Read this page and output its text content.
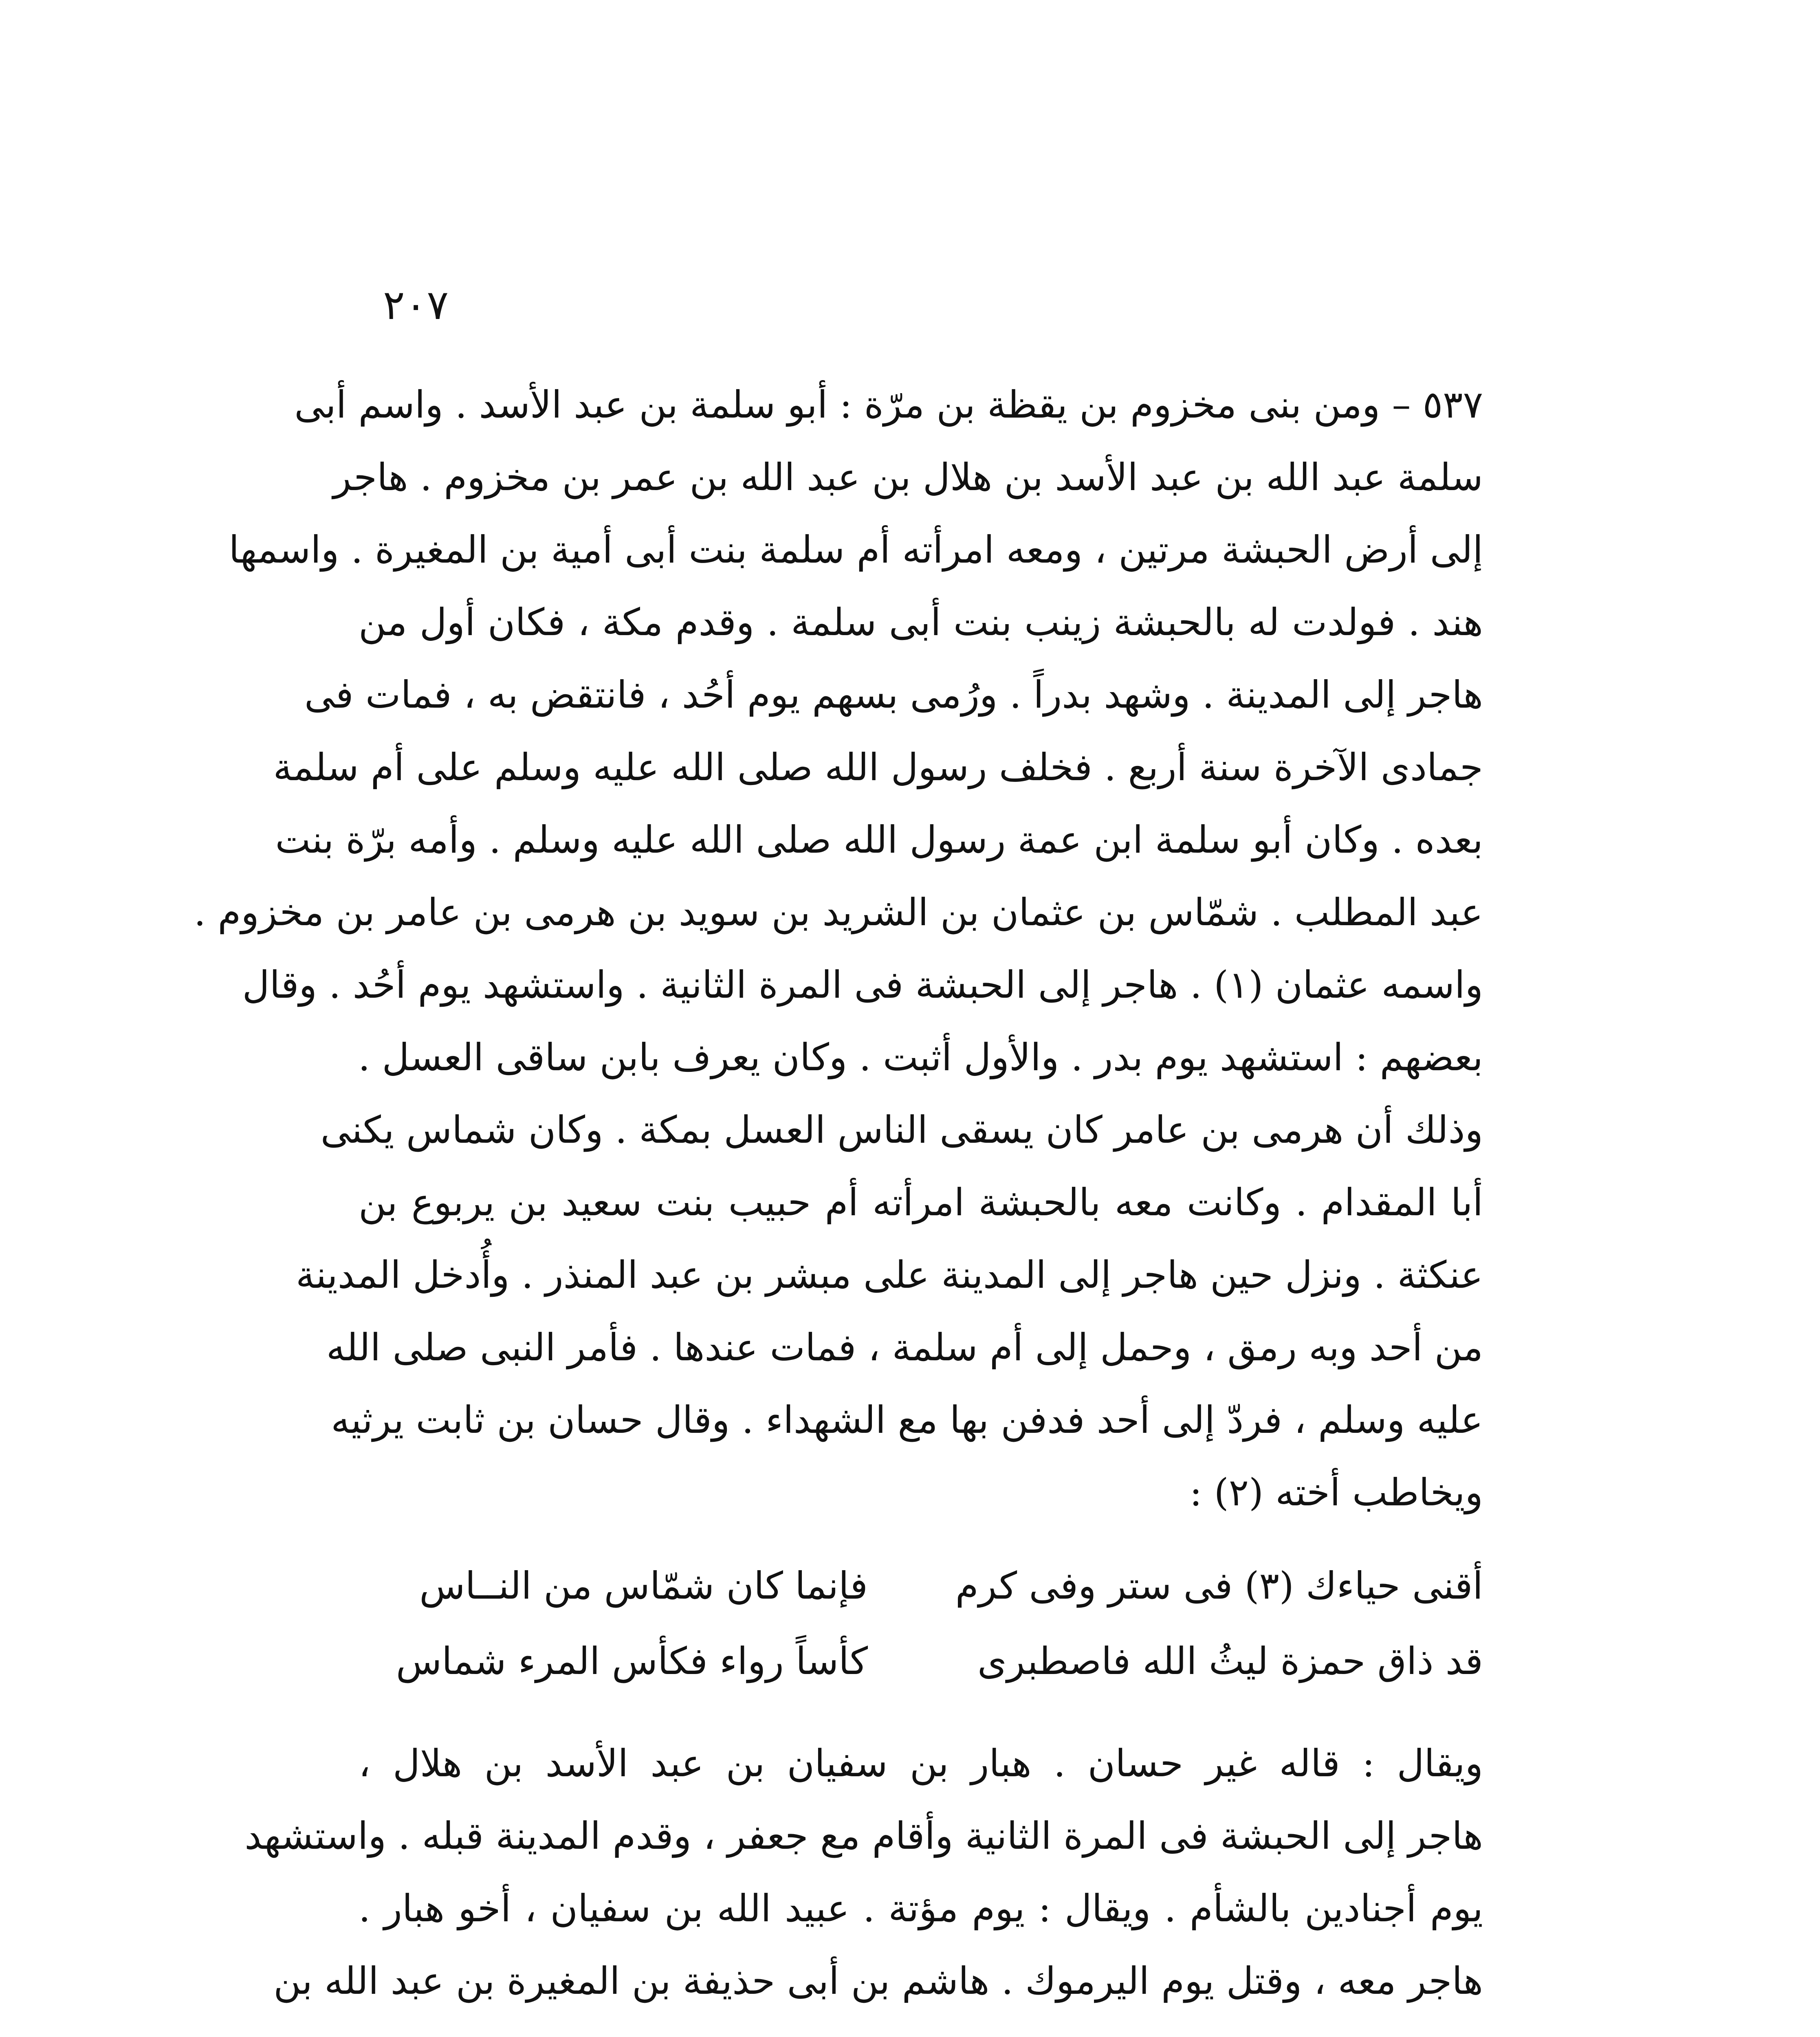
٢٠٧
٥٣٧ – ومن بنى مخزوم بن يقظة بن مرّة : أبو سلمة بن عبد الأسد . واسم أبى
سلمة عبد الله بن عبد الأسد بن هلال بن عبد الله بن عمر بن مخزوم . هاجر
إلى أرض الحبشة مرتين ، ومعه امرأته أم سلمة بنت أبى أمية بن المغيرة . واسمها
هند . فولدت له بالحبشة زينب بنت أبى سلمة . وقدم مكة ، فكان أول من
هاجر إلى المدينة . وشهد بدراً . ورُمى بسهم يوم أحُد ، فانتقض به ، فمات فى
جمادى الآخرة سنة أربع . فخلف رسول الله صلى الله عليه وسلم على أم سلمة
بعده . وكان أبو سلمة ابن عمة رسول الله صلى الله عليه وسلم . وأمه برّة بنت
عبد المطلب . شمّاس بن عثمان بن الشريد بن سويد بن هرمى بن عامر بن مخزوم .
واسمه عثمان (١) . هاجر إلى الحبشة فى المرة الثانية . واستشهد يوم أحُد . وقال
بعضهم : استشهد يوم بدر . والأول أثبت . وكان يعرف بابن ساقى العسل .
وذلك أن هرمى بن عامر كان يسقى الناس العسل بمكة . وكان شماس يكنى
أبا المقدام . وكانت معه بالحبشة امرأته أم حبيب بنت سعيد بن يربوع بن
عنكثة . ونزل حين هاجر إلى المدينة على مبشر بن عبد المنذر . وأُدخل المدينة
من أحد وبه رمق ، وحمل إلى أم سلمة ، فمات عندها . فأمر النبى صلى الله
عليه وسلم ، فردّ إلى أحد فدفن بها مع الشهداء . وقال حسان بن ثابت يرثيه
ويخاطب أخته (٢) :
أقنى حياءك (٣) فى ستر وفى كرم
فإنما كان شمّاس من النــاس
قد ذاق حمزة ليثُ الله فاصطبرى
كأساً رواء فكأس المرء شماس
ويقال : قاله غير حسان . هبار بن سفيان بن عبد الأسد بن هلال ،
هاجر إلى الحبشة فى المرة الثانية وأقام مع جعفر ، وقدم المدينة قبله . واستشهد
يوم أجنادين بالشأم . ويقال : يوم مؤتة . عبيد الله بن سفيان ، أخو هبار .
هاجر معه ، وقتل يوم اليرموك . هاشم بن أبى حذيفة بن المغيرة بن عبد الله بن
